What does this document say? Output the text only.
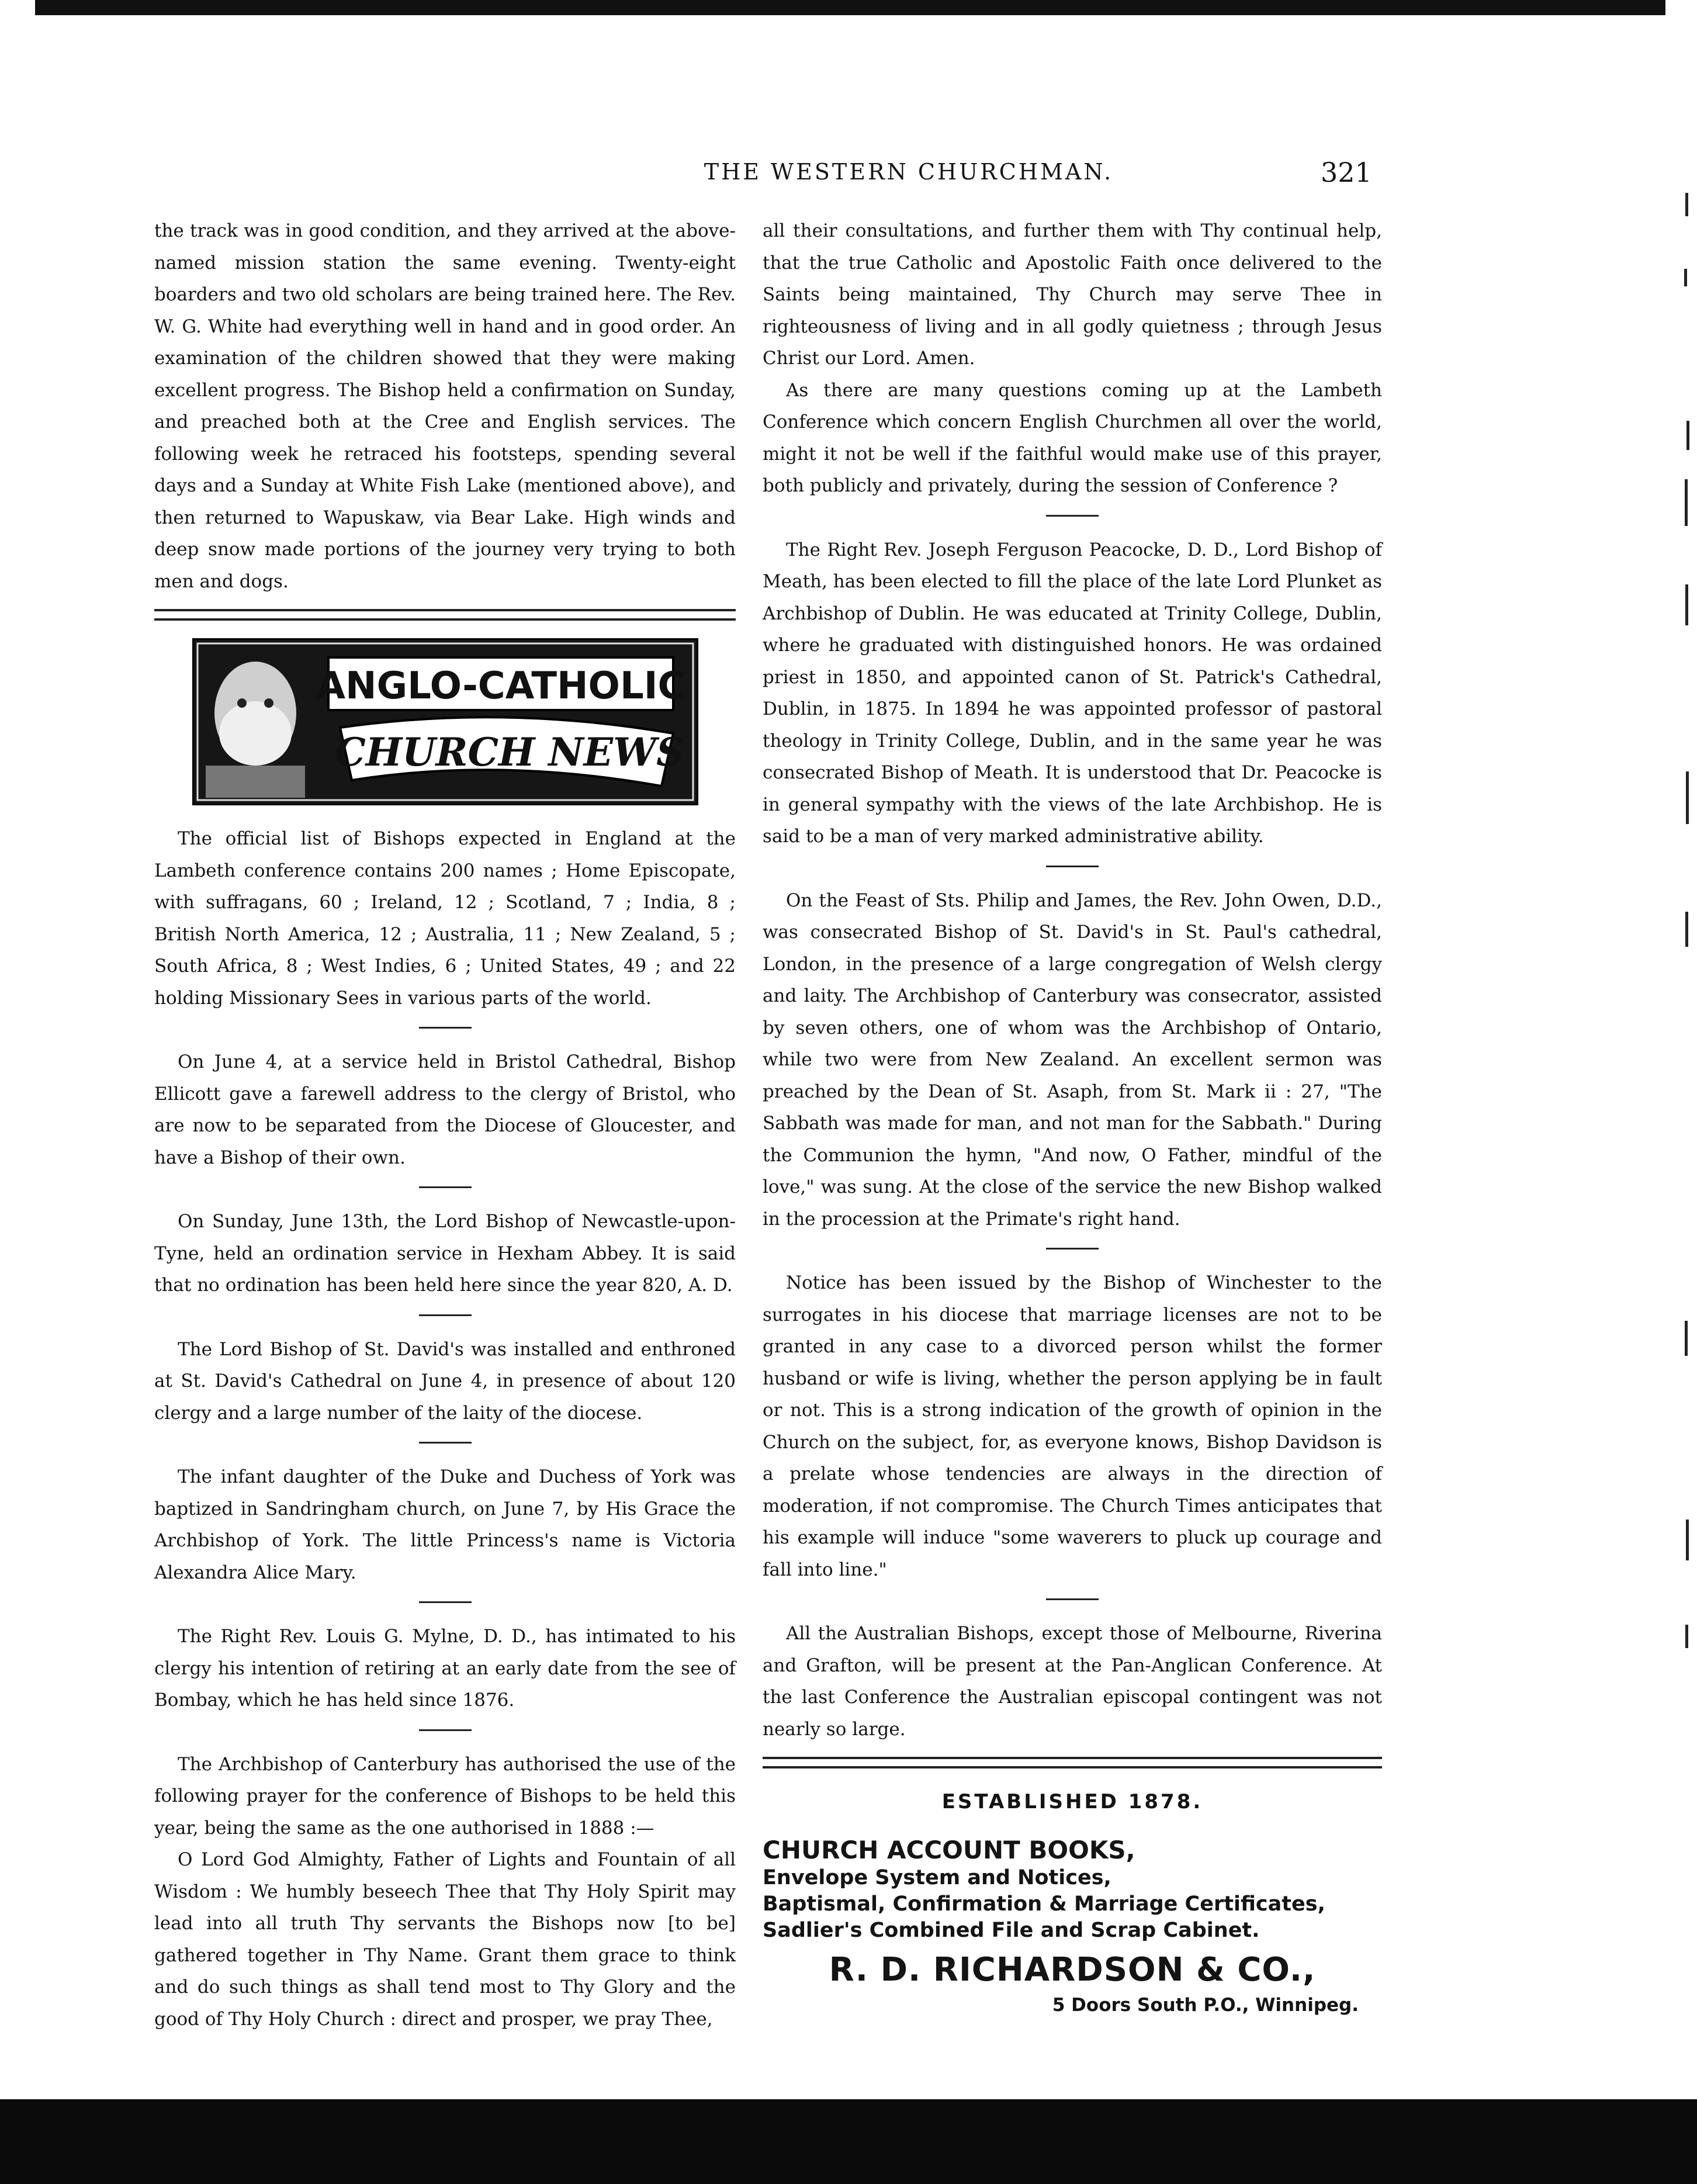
THE WESTERN CHURCHMAN.	321

the track was in good condition, and they arrived at the above-named mission station the same evening. Twenty-eight boarders and two old scholars are being trained here. The Rev. W. G. White had everything well in hand and in good order. An examination of the children showed that they were making excellent progress. The Bishop held a confirmation on Sunday, and preached both at the Cree and English services. The following week he retraced his footsteps, spending several days and a Sunday at White Fish Lake (mentioned above), and then returned to Wapuskaw, via Bear Lake. High winds and deep snow made portions of the journey very trying to both men and dogs.

ANGLO-CATHOLIC
CHURCH NEWS

The official list of Bishops expected in England at the Lambeth conference contains 200 names ; Home Episcopate, with suffragans, 60 ; Ireland, 12 ; Scotland, 7 ; India, 8 ; British North America, 12 ; Australia, 11 ; New Zealand, 5 ; South Africa, 8 ; West Indies, 6 ; United States, 49 ; and 22 holding Missionary Sees in various parts of the world.

On June 4, at a service held in Bristol Cathedral, Bishop Ellicott gave a farewell address to the clergy of Bristol, who are now to be separated from the Diocese of Gloucester, and have a Bishop of their own.

On Sunday, June 13th, the Lord Bishop of Newcastle-upon-Tyne, held an ordination service in Hexham Abbey. It is said that no ordination has been held here since the year 820, A. D.

The Lord Bishop of St. David's was installed and enthroned at St. David's Cathedral on June 4, in presence of about 120 clergy and a large number of the laity of the diocese.

The infant daughter of the Duke and Duchess of York was baptized in Sandringham church, on June 7, by His Grace the Archbishop of York. The little Princess's name is Victoria Alexandra Alice Mary.

The Right Rev. Louis G. Mylne, D. D., has intimated to his clergy his intention of retiring at an early date from the see of Bombay, which he has held since 1876.

The Archbishop of Canterbury has authorised the use of the following prayer for the conference of Bishops to be held this year, being the same as the one authorised in 1888 :—

O Lord God Almighty, Father of Lights and Fountain of all Wisdom : We humbly beseech Thee that Thy Holy Spirit may lead into all truth Thy servants the Bishops now [to be] gathered together in Thy Name. Grant them grace to think and do such things as shall tend most to Thy Glory and the good of Thy Holy Church : direct and prosper, we pray Thee,

all their consultations, and further them with Thy continual help, that the true Catholic and Apostolic Faith once delivered to the Saints being maintained, Thy Church may serve Thee in righteousness of living and in all godly quietness ; through Jesus Christ our Lord. Amen.

As there are many questions coming up at the Lambeth Conference which concern English Churchmen all over the world, might it not be well if the faithful would make use of this prayer, both publicly and privately, during the session of Conference ?

The Right Rev. Joseph Ferguson Peacocke, D. D., Lord Bishop of Meath, has been elected to fill the place of the late Lord Plunket as Archbishop of Dublin. He was educated at Trinity College, Dublin, where he graduated with distinguished honors. He was ordained priest in 1850, and appointed canon of St. Patrick's Cathedral, Dublin, in 1875. In 1894 he was appointed professor of pastoral theology in Trinity College, Dublin, and in the same year he was consecrated Bishop of Meath. It is understood that Dr. Peacocke is in general sympathy with the views of the late Archbishop. He is said to be a man of very marked administrative ability.

On the Feast of Sts. Philip and James, the Rev. John Owen, D.D., was consecrated Bishop of St. David's in St. Paul's cathedral, London, in the presence of a large congregation of Welsh clergy and laity. The Archbishop of Canterbury was consecrator, assisted by seven others, one of whom was the Archbishop of Ontario, while two were from New Zealand. An excellent sermon was preached by the Dean of St. Asaph, from St. Mark ii : 27, "The Sabbath was made for man, and not man for the Sabbath." During the Communion the hymn, "And now, O Father, mindful of the love," was sung. At the close of the service the new Bishop walked in the procession at the Primate's right hand.

Notice has been issued by the Bishop of Winchester to the surrogates in his diocese that marriage licenses are not to be granted in any case to a divorced person whilst the former husband or wife is living, whether the person applying be in fault or not. This is a strong indication of the growth of opinion in the Church on the subject, for, as everyone knows, Bishop Davidson is a prelate whose tendencies are always in the direction of moderation, if not compromise. The Church Times anticipates that his example will induce "some waverers to pluck up courage and fall into line."

All the Australian Bishops, except those of Melbourne, Riverina and Grafton, will be present at the Pan-Anglican Conference. At the last Conference the Australian episcopal contingent was not nearly so large.

ESTABLISHED 1878.
CHURCH ACCOUNT BOOKS,
Envelope System and Notices,
Baptismal, Confirmation & Marriage Certificates,
Sadlier's Combined File and Scrap Cabinet.
R. D. RICHARDSON & CO.,
5 Doors South P.O., Winnipeg.
